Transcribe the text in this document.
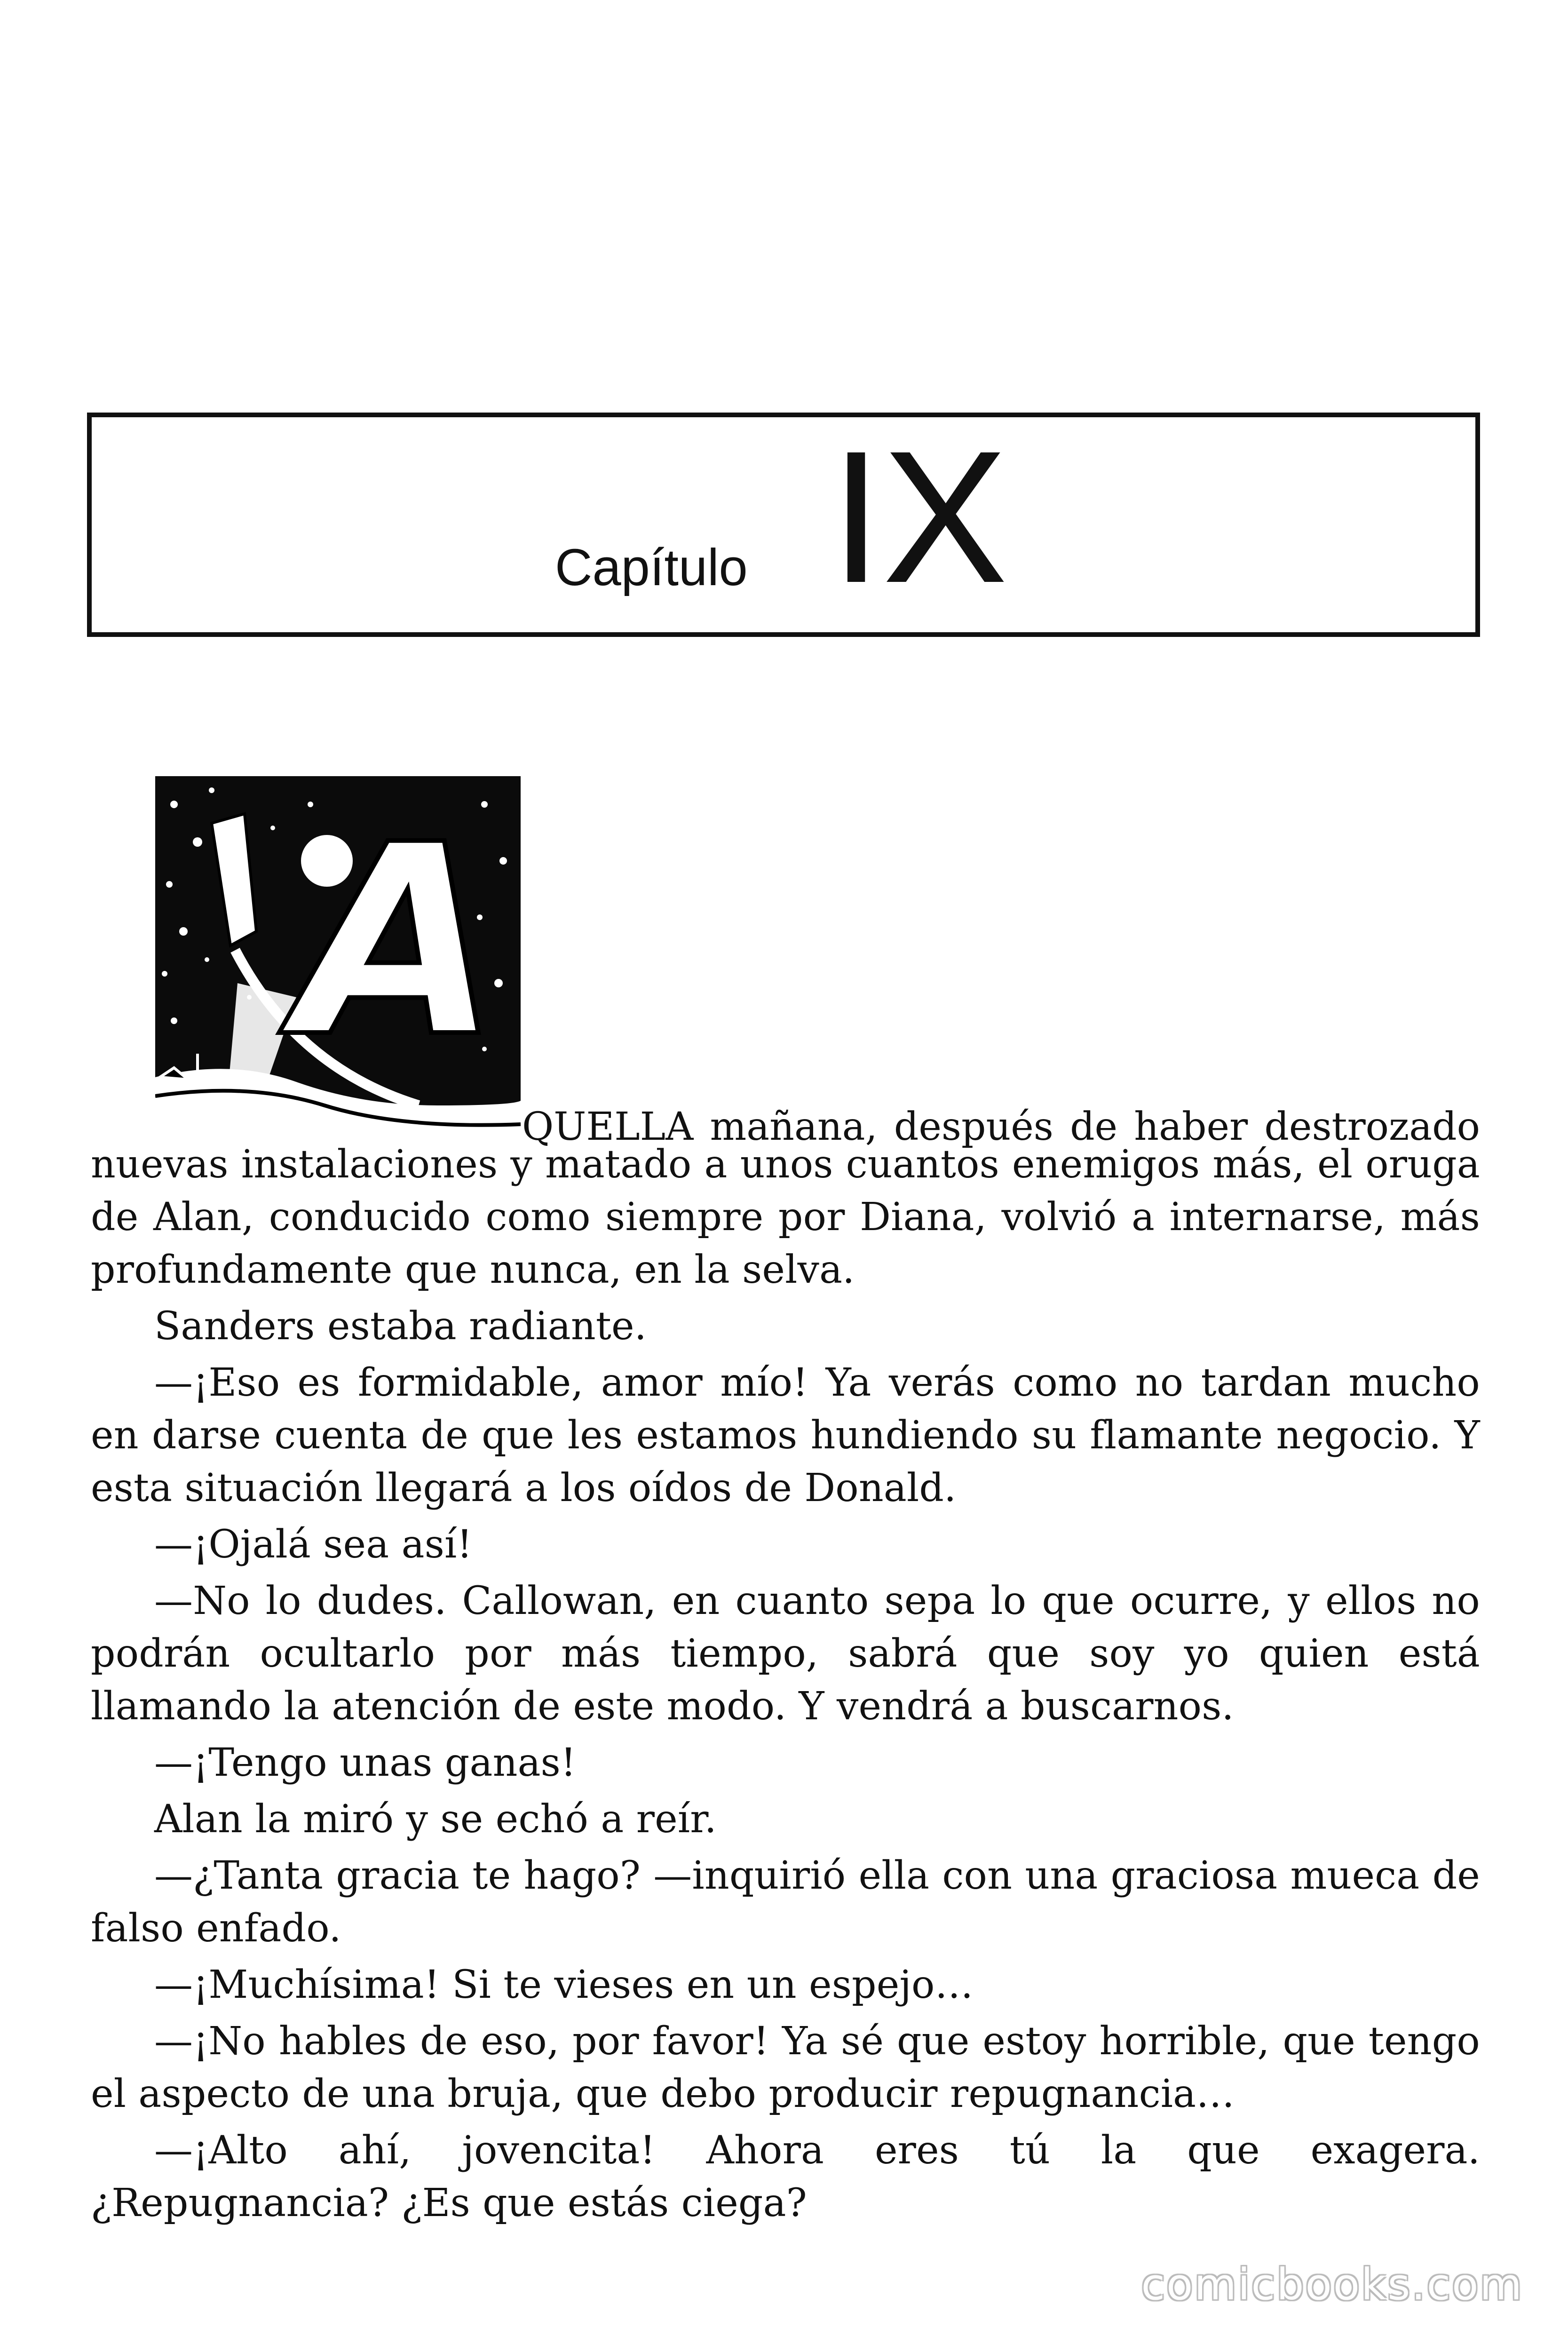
Capítulo IX
A
QUELLA mañana, después de haber destrozado

nuevas instalaciones y matado a unos cuantos enemigos más, el oruga de Alan, conducido como siempre por Diana, volvió a internarse, más profundamente que nunca, en la selva.

Sanders estaba radiante.

—¡Eso es formidable, amor mío! Ya verás como no tardan mucho en darse cuenta de que les estamos hundiendo su flamante negocio. Y esta situación llegará a los oídos de Donald.

—¡Ojalá sea así!

—No lo dudes. Callowan, en cuanto sepa lo que ocurre, y ellos no podrán ocultarlo por más tiempo, sabrá que soy yo quien está llamando la atención de este modo. Y vendrá a buscarnos.

—¡Tengo unas ganas!

Alan la miró y se echó a reír.

—¿Tanta gracia te hago? —inquirió ella con una graciosa mueca de falso enfado.

—¡Muchísima! Si te vieses en un espejo…

—¡No hables de eso, por favor! Ya sé que estoy horrible, que tengo el aspecto de una bruja, que debo producir repugnancia…

—¡Alto ahí, jovencita! Ahora eres tú la que exagera. ¿Repugnancia? ¿Es que estás ciega?

comicbooks.com
